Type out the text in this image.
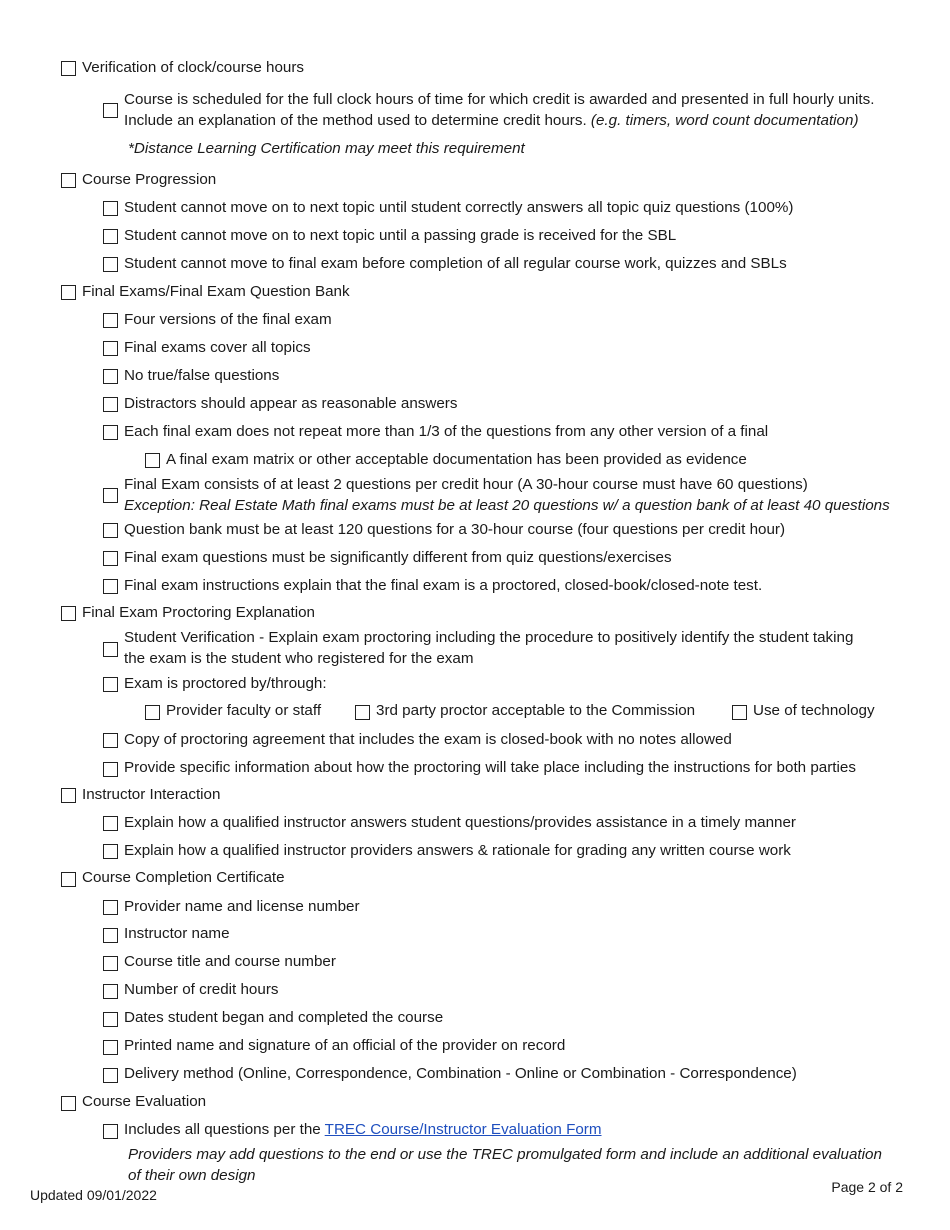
Verification of clock/course hours
Course is scheduled for the full clock hours of time for which credit is awarded and presented in full hourly units.
Include an explanation of the method used to determine credit hours. (e.g. timers, word count documentation)
*Distance Learning Certification may meet this requirement
Course Progression
Student cannot move on to next topic until student correctly answers all topic quiz questions (100%)
Student cannot move on to next topic until a passing grade is received for the SBL
Student cannot move to final exam before completion of all regular course work, quizzes and SBLs
Final Exams/Final Exam Question Bank
Four versions of the final exam
Final exams cover all topics
No true/false questions
Distractors should appear as reasonable answers
Each final exam does not repeat more than 1/3 of the questions from any other version of a final
A final exam matrix or other acceptable documentation has been provided as evidence
Final Exam consists of at least 2 questions per credit hour (A 30-hour course must have 60 questions)
Exception: Real Estate Math final exams must be at least 20 questions w/ a question bank of at least 40 questions
Question bank must be at least 120 questions for a 30-hour course (four questions per credit hour)
Final exam questions must be significantly different from quiz questions/exercises
Final exam instructions explain that the final exam is a proctored, closed-book/closed-note test.
Final Exam Proctoring Explanation
Student Verification - Explain exam proctoring including the procedure to positively identify the student taking
the exam is the student who registered for the exam
Exam is proctored by/through:
Provider faculty or staff	3rd party proctor acceptable to the Commission	Use of technology
Copy of proctoring agreement that includes the exam is closed-book with no notes allowed
Provide specific information about how the proctoring will take place including the instructions for both parties
Instructor Interaction
Explain how a qualified instructor answers student questions/provides assistance in a timely manner
Explain how a qualified instructor providers answers & rationale for grading any written course work
Course Completion Certificate
Provider name and license number
Instructor name
Course title and course number
Number of credit hours
Dates student began and completed the course
Printed name and signature of an official of the provider on record
Delivery method (Online, Correspondence, Combination - Online or Combination - Correspondence)
Course Evaluation
Includes all questions per the TREC Course/Instructor Evaluation Form
Providers may add questions to the end or use the TREC promulgated form and include an additional evaluation
of their own design
Updated 09/01/2022	Page 2 of 2
